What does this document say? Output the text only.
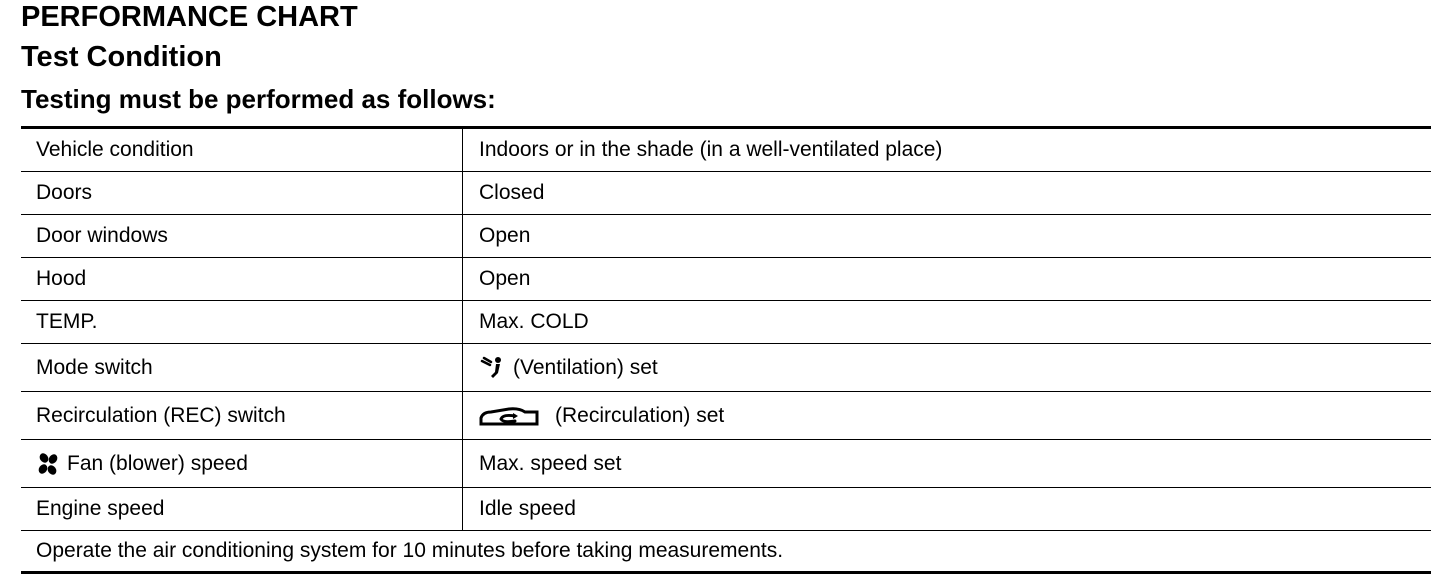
PERFORMANCE CHART
Test Condition
Testing must be performed as follows:
Vehicle condition	Indoors or in the shade (in a well-ventilated place)
Doors	Closed
Door windows	Open
Hood	Open
TEMP.	Max. COLD
Mode switch	(Ventilation) set
Recirculation (REC) switch	(Recirculation) set
Fan (blower) speed	Max. speed set
Engine speed	Idle speed
Operate the air conditioning system for 10 minutes before taking measurements.
